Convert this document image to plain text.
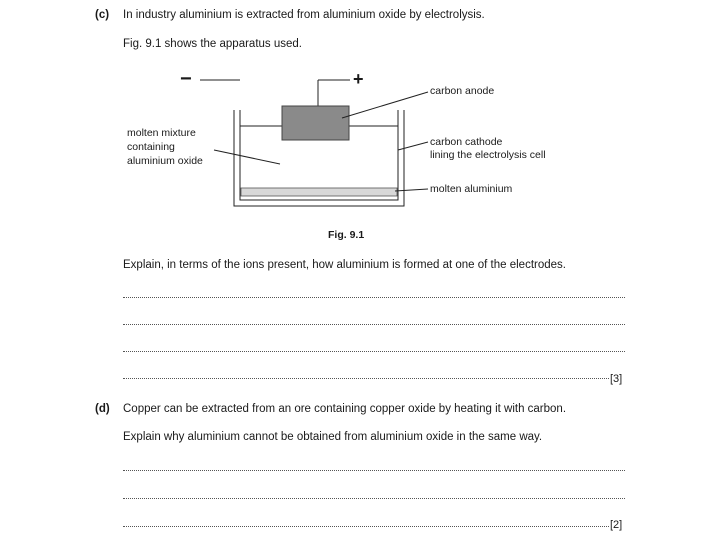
(c) In industry aluminium is extracted from aluminium oxide by electrolysis.
Fig. 9.1 shows the apparatus used.
−	+
carbon anode
carbon cathode
lining the electrolysis cell
molten aluminium
molten mixture
containing
aluminium oxide
Fig. 9.1
Explain, in terms of the ions present, how aluminium is formed at one of the electrodes.
[3]
(d) Copper can be extracted from an ore containing copper oxide by heating it with carbon.
Explain why aluminium cannot be obtained from aluminium oxide in the same way.
[2]
